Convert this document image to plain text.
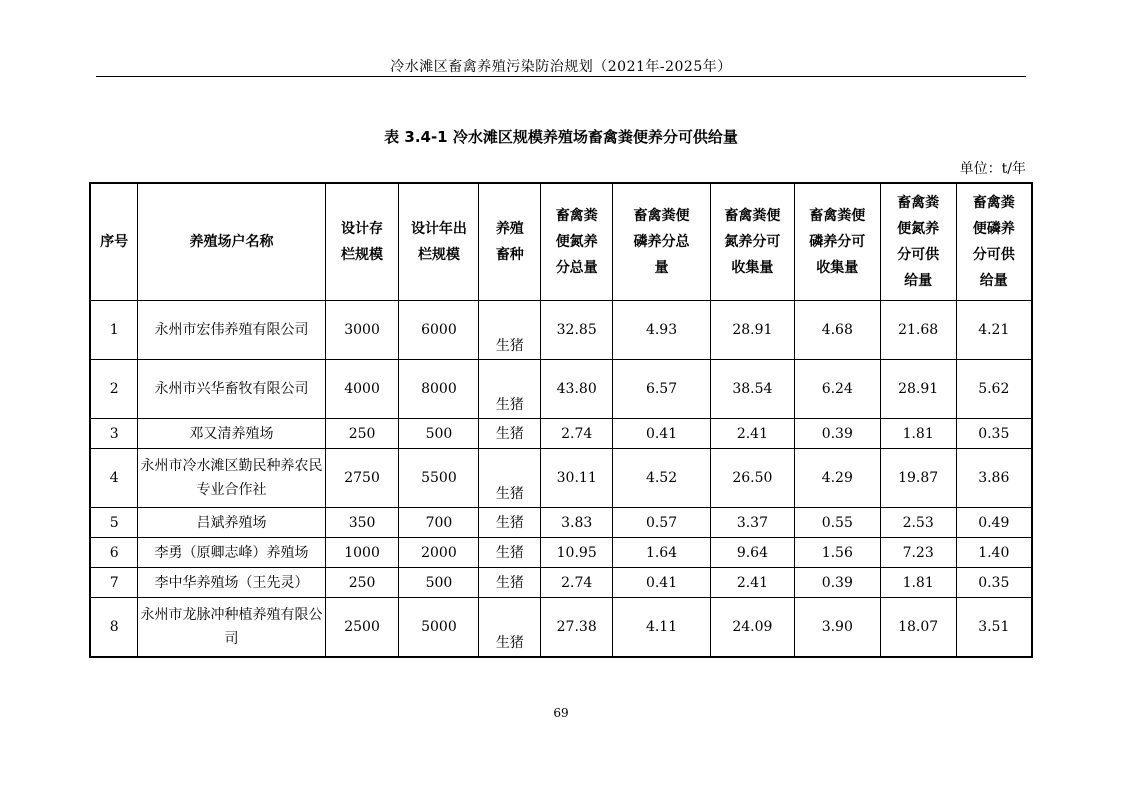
冷水滩区畜禽养殖污染防治规划（2021年-2025年）
表 3.4-1 冷水滩区规模养殖场畜禽粪便养分可供给量
单位：t/年
序号	养殖场户名称	设计存栏规模	设计年出栏规模	养殖畜种	畜禽粪便氮养分总量	畜禽粪便磷养分总量	畜禽粪便氮养分可收集量	畜禽粪便磷养分可收集量	畜禽粪便氮养分可供给量	畜禽粪便磷养分可供给量
1	永州市宏伟养殖有限公司	3000	6000	生猪	32.85	4.93	28.91	4.68	21.68	4.21
2	永州市兴华畜牧有限公司	4000	8000	生猪	43.80	6.57	38.54	6.24	28.91	5.62
3	邓又清养殖场	250	500	生猪	2.74	0.41	2.41	0.39	1.81	0.35
4	永州市冷水滩区勤民种养农民专业合作社	2750	5500	生猪	30.11	4.52	26.50	4.29	19.87	3.86
5	吕斌养殖场	350	700	生猪	3.83	0.57	3.37	0.55	2.53	0.49
6	李勇（原卿志峰）养殖场	1000	2000	生猪	10.95	1.64	9.64	1.56	7.23	1.40
7	李中华养殖场（王先灵）	250	500	生猪	2.74	0.41	2.41	0.39	1.81	0.35
8	永州市龙脉冲种植养殖有限公司	2500	5000	生猪	27.38	4.11	24.09	3.90	18.07	3.51
69
